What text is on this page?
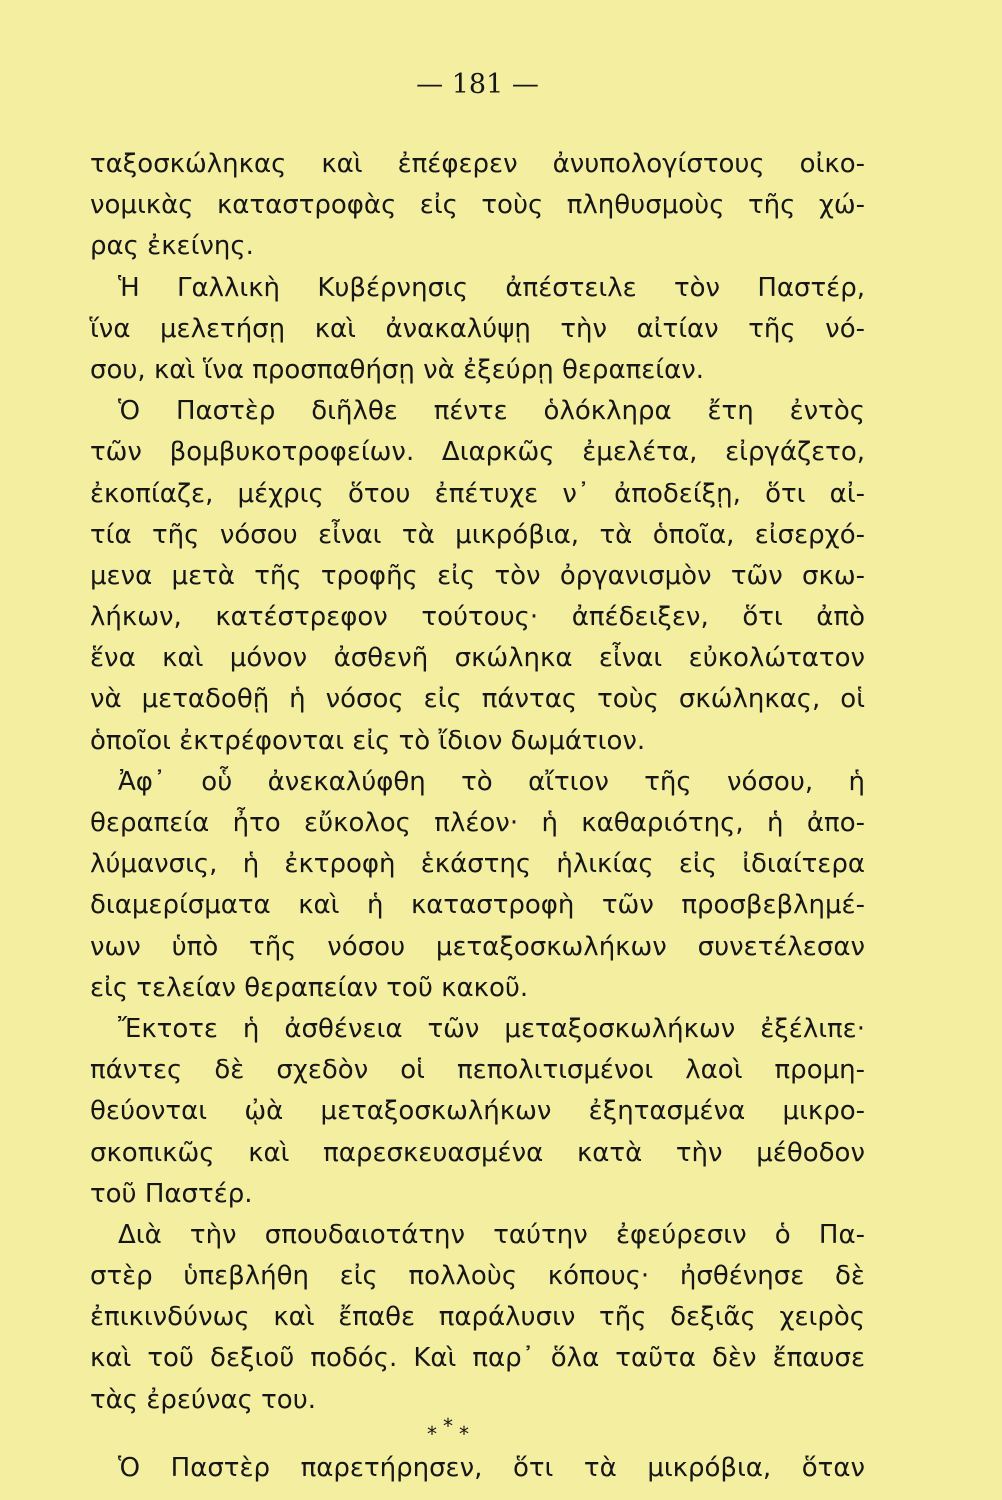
— 181 —
ταξοσκώληκας καὶ ἐπέφερεν ἀνυπολογίστους οἰκο-
νομικὰς καταστροφὰς εἰς τοὺς πληθυσμοὺς τῆς χώ-
ρας ἐκείνης.
Ἡ Γαλλικὴ Κυβέρνησις ἀπέστειλε τὸν Παστέρ,
ἵνα μελετήσῃ καὶ ἀνακαλύψῃ τὴν αἰτίαν τῆς νό-
σου, καὶ ἵνα προσπαθήσῃ νὰ ἐξεύρῃ θεραπείαν.
Ὁ Παστὲρ διῆλθε πέντε ὁλόκληρα ἔτη ἐντὸς
τῶν βομβυκοτροφείων. Διαρκῶς ἐμελέτα, εἰργάζετο,
ἐκοπίαζε, μέχρις ὅτου ἐπέτυχε ν᾿ ἀποδείξῃ, ὅτι αἰ-
τία τῆς νόσου εἶναι τὰ μικρόβια, τὰ ὁποῖα, εἰσερχό-
μενα μετὰ τῆς τροφῆς εἰς τὸν ὀργανισμὸν τῶν σκω-
λήκων, κατέστρεφον τούτους· ἀπέδειξεν, ὅτι ἀπὸ
ἕνα καὶ μόνον ἀσθενῆ σκώληκα εἶναι εὐκολώτατον
νὰ μεταδοθῇ ἡ νόσος εἰς πάντας τοὺς σκώληκας, οἱ
ὁποῖοι ἐκτρέφονται εἰς τὸ ἴδιον δωμάτιον.
Ἀφ᾿ οὗ ἀνεκαλύφθη τὸ αἴτιον τῆς νόσου, ἡ
θεραπεία ἦτο εὔκολος πλέον· ἡ καθαριότης, ἡ ἀπο-
λύμανσις, ἡ ἐκτροφὴ ἑκάστης ἡλικίας εἰς ἰδιαίτερα
διαμερίσματα καὶ ἡ καταστροφὴ τῶν προσβεβλημέ-
νων ὑπὸ τῆς νόσου μεταξοσκωλήκων συνετέλεσαν
εἰς τελείαν θεραπείαν τοῦ κακοῦ.
Ἔκτοτε ἡ ἀσθένεια τῶν μεταξοσκωλήκων ἐξέλιπε·
πάντες δὲ σχεδὸν οἱ πεπολιτισμένοι λαοὶ προμη-
θεύονται ᾠὰ μεταξοσκωλήκων ἐξητασμένα μικρο-
σκοπικῶς καὶ παρεσκευασμένα κατὰ τὴν μέθοδον
τοῦ Παστέρ.
Διὰ τὴν σπουδαιοτάτην ταύτην ἐφεύρεσιν ὁ Πα-
στὲρ ὑπεβλήθη εἰς πολλοὺς κόπους· ἠσθένησε δὲ
ἐπικινδύνως καὶ ἔπαθε παράλυσιν τῆς δεξιᾶς χειρὸς
καὶ τοῦ δεξιοῦ ποδός. Καὶ παρ᾿ ὅλα ταῦτα δὲν ἔπαυσε
τὰς ἐρεύνας του.
* * *
Ὁ Παστὲρ παρετήρησεν, ὅτι τὰ μικρόβια, ὅταν
